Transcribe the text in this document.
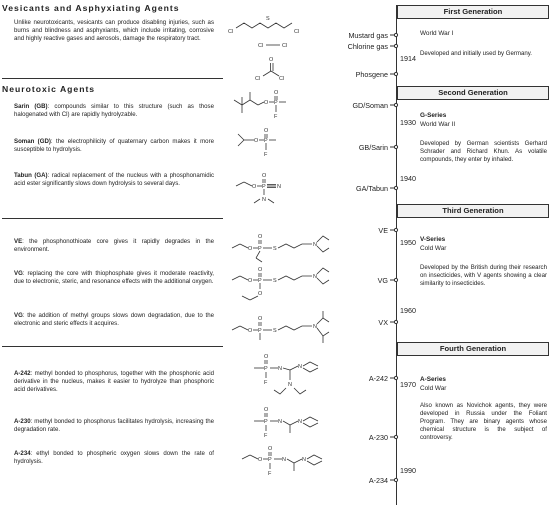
Vesicants and Asphyxiating Agents
Unlike neurotoxicants, vesicants can produce disabling injuries, such as burns and blindness and asphyxiants, which include irritating, corrosive and highly reactive gases and aerosols, damage the respiratory tract.
Neurotoxic Agents
Sarin (GB): compounds similar to this structure (such as those halogenated with Cl) are rapidly hydrolyzable.
Soman (GD): the electrophilicity of quaternary carbon makes it more susceptible to hydrolysis.
Tabun (GA): radical replacement of the nucleus with a phosphonamidic acid ester significantly slows down hydrolysis to several days.
VE: the phosphonothioate core gives it rapidly degrades in the environment.
VG: replacing the core with thiophosphate gives it moderate reactivity, due to electronic, steric, and resonance effects with the additional oxygen.
VG: the addition of methyl groups slows down degradation, due to the electronic and steric effects it acquires.
A-242: methyl bonded to phosphorus, together with the phosphonic acid derivative in the nucleus, makes it easier to hydrolyze than phosphoric acid derivatives.
A-230: methyl bonded to phosphorus facilitates hydrolysis, increasing the degradation rate.
A-234: ethyl bonded to phospheric oxygen slows down the rate of hydrolysis.
Cl
S
Cl
Cl	Cl
O
Cl	Cl
O P
O
F
O P
O
F
O P
O
N
N
O P
O
S
N
O P
O
O
S
N
O P
O
S
N
O
P
F
N	N
N
O
P
F
N	N
O P
O
F
N	N
Mustard gas
Chlorine gas
Phosgene
GD/Soman
GB/Sarin
GA/Tabun
VE
VG
VX
A-242
A-230
A-234
First Generation
1914
World War I
Developed and initially used by Germany.
Second Generation
1930
1940
G-Series
World War II
Developed by German scientists Gerhard Schrader and Richard Khun. As volatile compounds, they enter by inhaled.
Third Generation
1950
1960
V-Series
Cold War
Developed by the British during their research on insecticides, with V agents showing a clear similarity to insecticides.
Fourth Generation
1970
1990
A-Series
Cold War
Also known as Novichok agents, they were developed in Russia under the Foliant Program. They are binary agents whose chemical structure is the subject of controversy.
